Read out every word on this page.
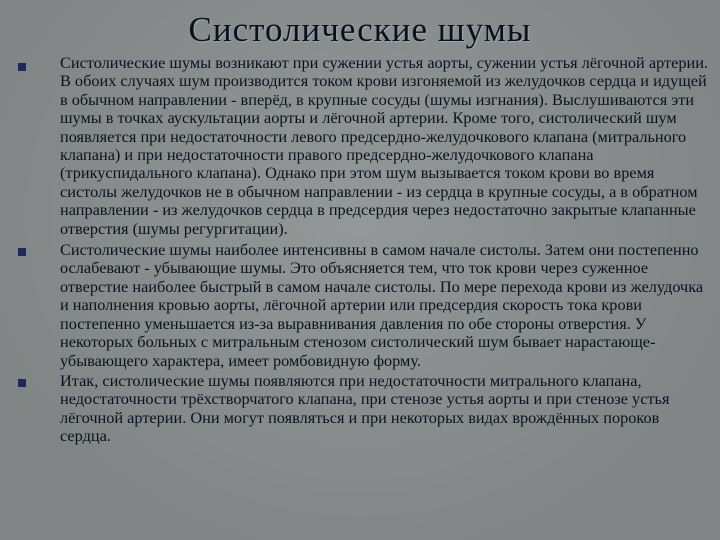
Систолические шумы
Систолические шумы возникают при сужении устья аорты, сужении устья лёгочной артерии. В обоих случаях шум производится током крови изгоняемой из желудочков сердца и идущей в обычном направлении - вперёд, в крупные сосуды (шумы изгнания). Выслушиваются эти шумы в точках аускультации аорты и лёгочной артерии. Кроме того, систолический шум появляется при недостаточности левого предсердно-желудочкового клапана (митрального клапана) и при недостаточности правого предсердно-желудочкового клапана (трикуспидального клапана). Однако при этом шум вызывается током крови во время систолы желудочков не в обычном направлении - из сердца в крупные сосуды, а в обратном направлении - из желудочков сердца в предсердия через недостаточно закрытые клапанные отверстия (шумы регургитации).
Систолические шумы наиболее интенсивны в самом начале систолы. Затем они постепенно ослабевают - убывающие шумы. Это объясняется тем, что ток крови через суженное отверстие наиболее быстрый в самом начале систолы. По мере перехода крови из желудочка и наполнения кровью аорты, лёгочной артерии или предсердия скорость тока крови постепенно уменьшается из-за выравнивания давления по обе стороны отверстия. У некоторых больных с митральным стенозом систолический шум бывает нарастающе-убывающего характера, имеет ромбовидную форму.
Итак, систолические шумы появляются при недостаточности митрального клапана, недостаточности трёхстворчатого клапана, при стенозе устья аорты и при стенозе устья лёгочной артерии. Они могут появляться и при некоторых видах врождённых пороков сердца.
